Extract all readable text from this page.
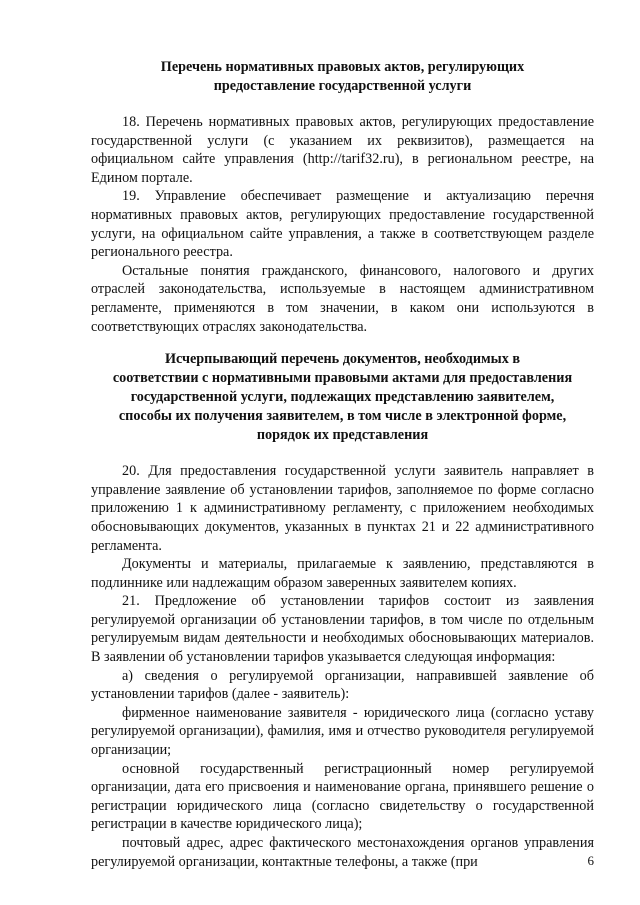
Перечень нормативных правовых актов, регулирующих
предоставление государственной услуги

18. Перечень нормативных правовых актов, регулирующих предоставление государственной услуги (с указанием их реквизитов), размещается на официальном сайте управления (http://tarif32.ru), в региональном реестре, на Едином портале.

19. Управление обеспечивает размещение и актуализацию перечня нормативных правовых актов, регулирующих предоставление государственной услуги, на официальном сайте управления, а также в соответствующем разделе регионального реестра.

Остальные понятия гражданского, финансового, налогового и других отраслей законодательства, используемые в настоящем административном регламенте, применяются в том значении, в каком они используются в соответствующих отраслях законодательства.

Исчерпывающий перечень документов, необходимых в
соответствии с нормативными правовыми актами для предоставления
государственной услуги, подлежащих представлению заявителем,
способы их получения заявителем, в том числе в электронной форме,
порядок их представления

20. Для предоставления государственной услуги заявитель направляет в управление заявление об установлении тарифов, заполняемое по форме согласно приложению 1 к административному регламенту, с приложением необходимых обосновывающих документов, указанных в пунктах 21 и 22 административного регламента.

Документы и материалы, прилагаемые к заявлению, представляются в подлиннике или надлежащим образом заверенных заявителем копиях.

21. Предложение об установлении тарифов состоит из заявления регулируемой организации об установлении тарифов, в том числе по отдельным регулируемым видам деятельности и необходимых обосновывающих материалов. В заявлении об установлении тарифов указывается следующая информация:

а) сведения о регулируемой организации, направившей заявление об установлении тарифов (далее - заявитель):

фирменное наименование заявителя - юридического лица (согласно уставу регулируемой организации), фамилия, имя и отчество руководителя регулируемой организации;

основной государственный регистрационный номер регулируемой организации, дата его присвоения и наименование органа, принявшего решение о регистрации юридического лица (согласно свидетельству о государственной регистрации в качестве юридического лица);

почтовый адрес, адрес фактического местонахождения органов управления регулируемой организации, контактные телефоны, а также (при	6
